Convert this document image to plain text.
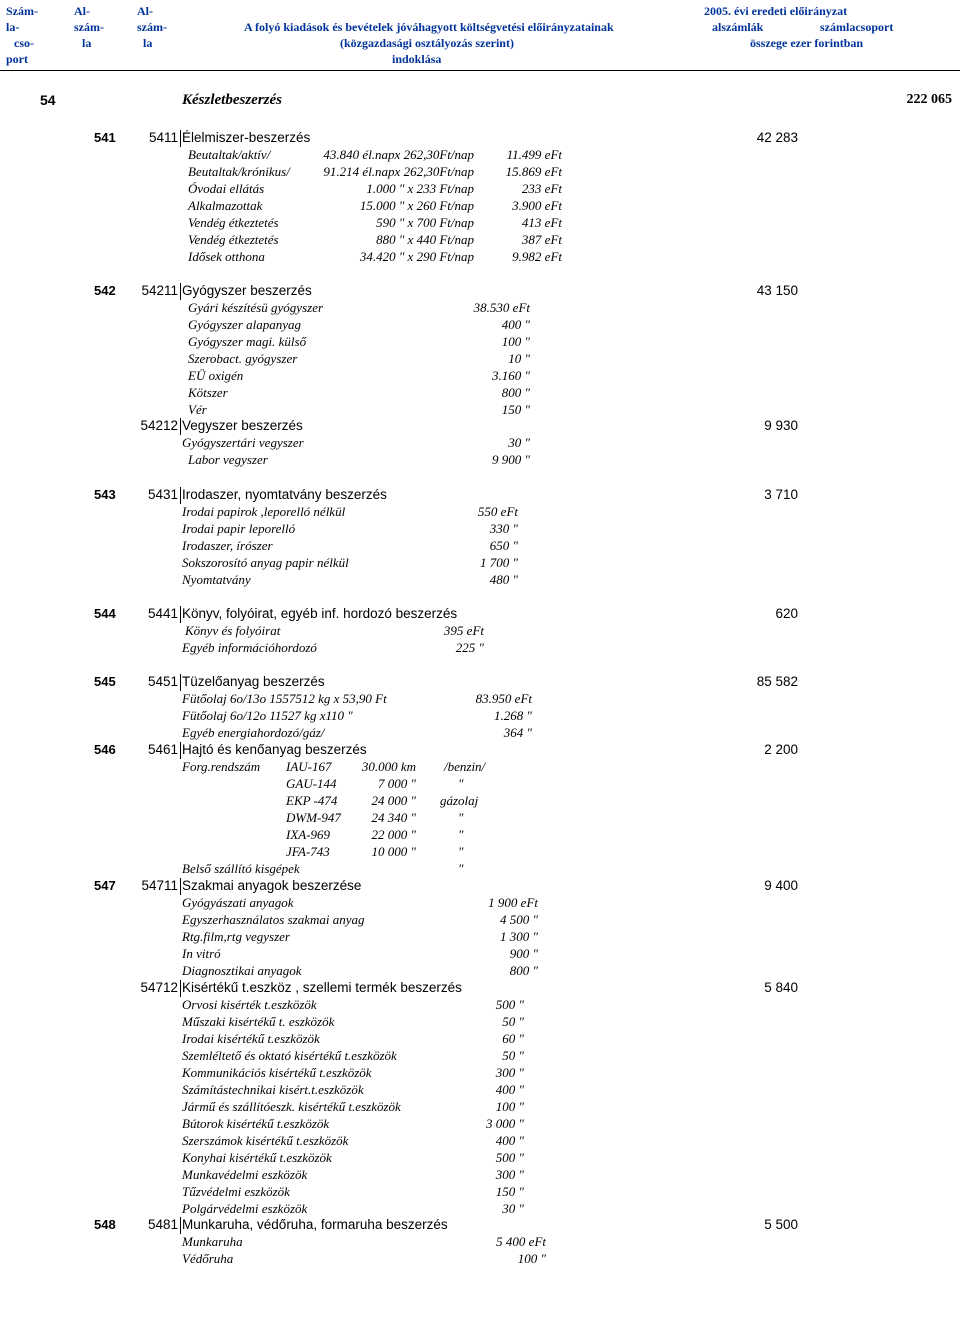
Szám-
la-
cso-
port
Al-
szám-
la
Al-
szám-
la
A folyó kiadások és bevételek jóváhagyott költségvetési előirányzatainak
(közgazdasági osztályozás szerint)
indoklása
2005. évi eredeti előirányzat
alszámlák	számlacsoport
összege ezer forintban
54	Készletbeszerzés	222 065
541	5411 Élelmiszer-beszerzés	42 283
Beutaltak/aktív/	43.840 él.napx 262,30Ft/nap	11.499 eFt
Beutaltak/krónikus/	91.214 él.napx 262,30Ft/nap	15.869 eFt
Óvodai ellátás	1.000 " x 233 Ft/nap	233 eFt
Alkalmazottak	15.000 " x 260 Ft/nap	3.900 eFt
Vendég étkeztetés	590 " x 700 Ft/nap	413 eFt
Vendég étkeztetés	880 " x 440 Ft/nap	387 eFt
Idősek otthona	34.420 " x 290 Ft/nap	9.982 eFt
542	54211 Gyógyszer beszerzés	43 150
Gyári készítésü gyógyszer	38.530 eFt
Gyógyszer alapanyag	400 "
Gyógyszer magi. külső	100 "
Szerobact. gyógyszer	10 "
EÜ oxigén	3.160 "
Kötszer	800 "
Vér	150 "
54212 Vegyszer beszerzés	9 930
Gyógyszertári vegyszer	30 "
Labor vegyszer	9 900 "
543	5431 Irodaszer, nyomtatvány beszerzés	3 710
Irodai papirok ,leporelló nélkül	550 eFt
Irodai papir leporelló	330 "
Irodaszer, írószer	650 "
Sokszorosító anyag papir nélkül	1 700 "
Nyomtatvány	480 "
544	5441 Könyv, folyóirat, egyéb inf. hordozó beszerzés	620
Könyv és folyóirat	395 eFt
Egyéb információhordozó	225 "
545	5451 Tüzelőanyag beszerzés	85 582
Fütőolaj 6o/13o 1557512 kg x 53,90 Ft	83.950 eFt
Fütőolaj 6o/12o 11527 kg x110 "	1.268 "
Egyéb energiahordozó/gáz/	364 "
546	5461 Hajtó és kenőanyag beszerzés	2 200
Forg.rendszám IAU-167	30.000 km /benzin/
GAU-144	7 000 "	"
EKP -474	24 000 " gázolaj
DWM-947	24 340 "	"
IXA-969	22 000 "	"
JFA-743	10 000 "	"
Belső szállító kisgépek	"
547	54711 Szakmai anyagok beszerzése	9 400
Gyógyászati anyagok	1 900 eFt
Egyszerhasználatos szakmai anyag	4 500 "
Rtg.film,rtg vegyszer	1 300 "
In vitró	900 "
Diagnosztikai anyagok	800 "
54712 Kisértékű t.eszköz , szellemi termék beszerzés	5 840
Orvosi kisérték t.eszközök	500 "
Műszaki kisértékű t. eszközök	50 "
Irodai kisértékű t.eszközök	60 "
Szemléltető és oktató kisértékű t.eszközök	50 "
Kommunikációs kisértékű t.eszközök	300 "
Számítástechnikai kisért.t.eszközök	400 "
Jármű és szállítóeszk. kisértékű t.eszközök	100 "
Bútorok kisértékű t.eszközök	3 000 "
Szerszámok kisértékű t.eszközök	400 "
Konyhai kisértékű t.eszközök	500 "
Munkavédelmi eszközök	300 "
Tűzvédelmi eszközök	150 "
Polgárvédelmi eszközök	30 "
548	5481 Munkaruha, védőruha, formaruha beszerzés	5 500
Munkaruha	5 400 eFt
Védőruha	100 "
